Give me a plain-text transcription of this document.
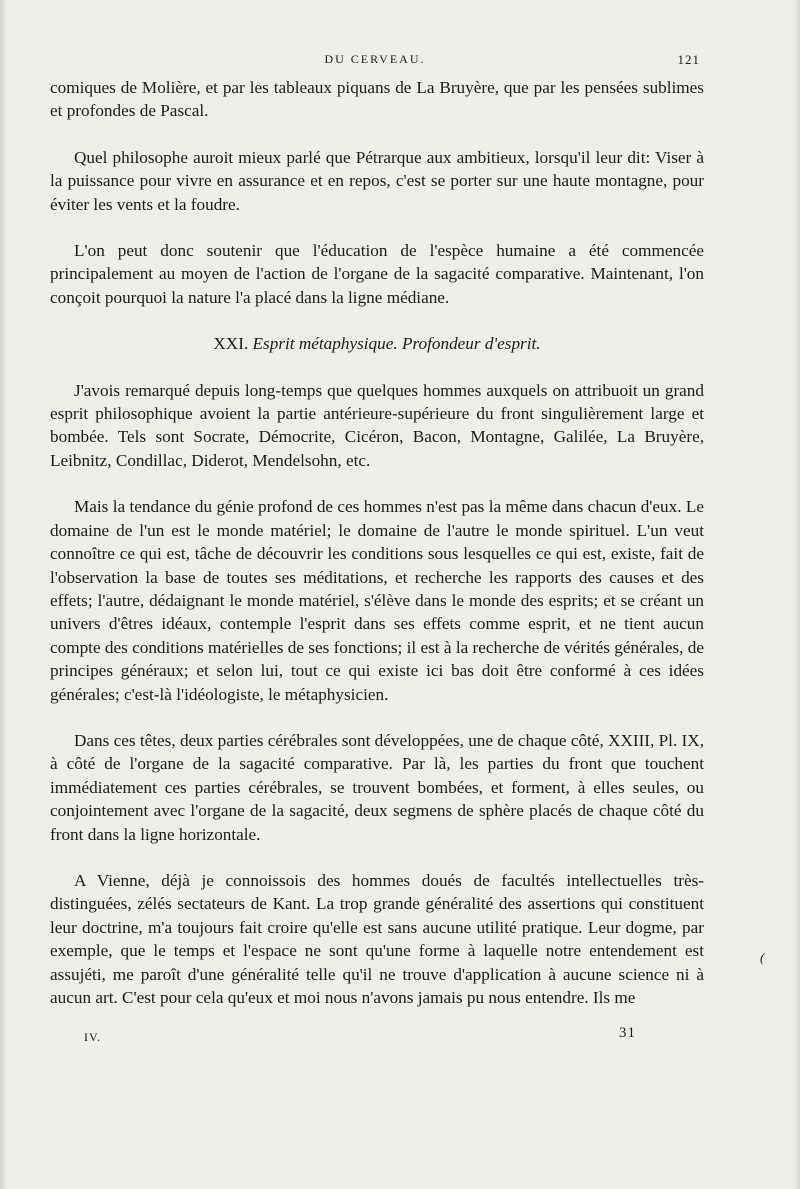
DU CERVEAU.	121

comiques de Molière, et par les tableaux piquans de La Bruyère, que par les pensées sublimes et profondes de Pascal.

Quel philosophe auroit mieux parlé que Pétrarque aux ambitieux, lorsqu'il leur dit: Viser à la puissance pour vivre en assurance et en repos, c'est se porter sur une haute montagne, pour éviter les vents et la foudre.

L'on peut donc soutenir que l'éducation de l'espèce humaine a été commencée principalement au moyen de l'action de l'organe de la sagacité comparative. Maintenant, l'on conçoit pourquoi la nature l'a placé dans la ligne médiane.

XXI. Esprit métaphysique. Profondeur d'esprit.

J'avois remarqué depuis long-temps que quelques hommes auxquels on attribuoit un grand esprit philosophique avoient la partie antérieure-supérieure du front singulièrement large et bombée. Tels sont Socrate, Démocrite, Cicéron, Bacon, Montagne, Galilée, La Bruyère, Leibnitz, Condillac, Diderot, Mendelsohn, etc.

Mais la tendance du génie profond de ces hommes n'est pas la même dans chacun d'eux. Le domaine de l'un est le monde matériel; le domaine de l'autre le monde spirituel. L'un veut connoître ce qui est, tâche de découvrir les conditions sous lesquelles ce qui est, existe, fait de l'observation la base de toutes ses méditations, et recherche les rapports des causes et des effets; l'autre, dédaignant le monde matériel, s'élève dans le monde des esprits; et se créant un univers d'êtres idéaux, contemple l'esprit dans ses effets comme esprit, et ne tient aucun compte des conditions matérielles de ses fonctions; il est à la recherche de vérités générales, de principes généraux; et selon lui, tout ce qui existe ici bas doit être conformé à ces idées générales; c'est-là l'idéologiste, le métaphysicien.

Dans ces têtes, deux parties cérébrales sont développées, une de chaque côté, XXIII, Pl. IX, à côté de l'organe de la sagacité comparative. Par là, les parties du front que touchent immédiatement ces parties cérébrales, se trouvent bombées, et forment, à elles seules, ou conjointement avec l'organe de la sagacité, deux segmens de sphère placés de chaque côté du front dans la ligne horizontale.

A Vienne, déjà je connoissois des hommes doués de facultés intellectuelles très-distinguées, zélés sectateurs de Kant. La trop grande généralité des assertions qui constituent leur doctrine, m'a toujours fait croire qu'elle est sans aucune utilité pratique. Leur dogme, par exemple, que le temps et l'espace ne sont qu'une forme à laquelle notre entendement est assujéti, me paroît d'une généralité telle qu'il ne trouve d'application à aucune science ni à aucun art. C'est pour cela qu'eux et moi nous n'avons jamais pu nous entendre. Ils me

(
IV.	31
